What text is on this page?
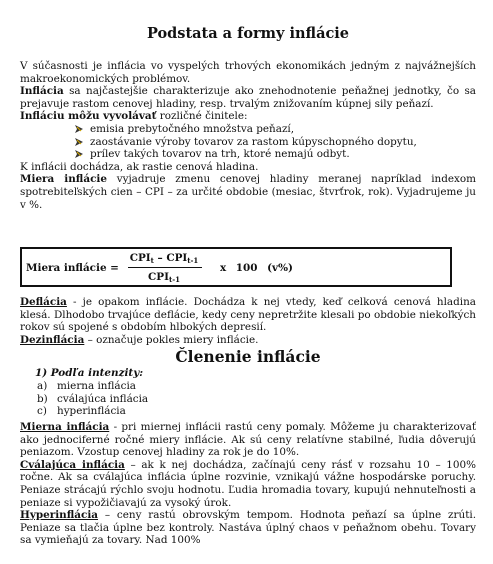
Podstata a formy inflácie

V súčasnosti je inflácia vo vyspelých trhových ekonomikách jedným z najvážnejších makroekonomických problémov.

Inflácia sa najčastejšie charakterizuje ako znehodnotenie peňažnej jednotky, čo sa prejavuje rastom cenovej hladiny, resp. trvalým znižovaním kúpnej sily peňazí.

Infláciu môžu vyvolávať rozličné činitele:

emisia prebytočného množstva peňazí,
zaostávanie výroby tovarov za rastom kúpyschopného dopytu,
prílev takých tovarov na trh, ktoré nemajú odbyt.

K inflácii dochádza, ak rastie cenová hladina.

Miera inflácie vyjadruje zmenu cenovej hladiny meranej napríklad indexom spotrebiteľských cien – CPI – za určité obdobie (mesiac, štvrťrok, rok). Vyjadrujeme ju v %.

Miera inflácie =
$CPI_t - CPI_{t-1}$
$CPI_{t-1}$
x 100 (v%)

Deflácia - je opakom inflácie. Dochádza k nej vtedy, keď celková cenová hladina klesá. Dlhodobo trvajúce deflácie, kedy ceny nepretržite klesali po obdobie niekoľkých rokov sú spojené s obdobím hlbokých depresií.

Dezinflácia – označuje pokles miery inflácie.

Členenie inflácie
1) Podľa intenzity:
a) mierna inflácia
b) cválajúca inflácia
c) hyperinflácia

Mierna inflácia - pri miernej inflácii rastú ceny pomaly. Môžeme ju charakterizovať ako jednociferné ročné miery inflácie. Ak sú ceny relatívne stabilné, ľudia dôverujú peniazom. Vzostup cenovej hladiny za rok je do 10%.

Cválajúca inflácia – ak k nej dochádza, začínajú ceny rásť v rozsahu 10 – 100% ročne. Ak sa cválajúca inflácia úplne rozvinie, vznikajú vážne hospodárske poruchy. Peniaze strácajú rýchlo svoju hodnotu. Ľudia hromadia tovary, kupujú nehnuteľnosti a peniaze si vypožičiavajú za vysoký úrok.

Hyperinflácia – ceny rastú obrovským tempom. Hodnota peňazí sa úplne zrúti. Peniaze sa tlačia úplne bez kontroly. Nastáva úplný chaos v peňažnom obehu. Tovary sa vymieňajú za tovary. Nad 100%
